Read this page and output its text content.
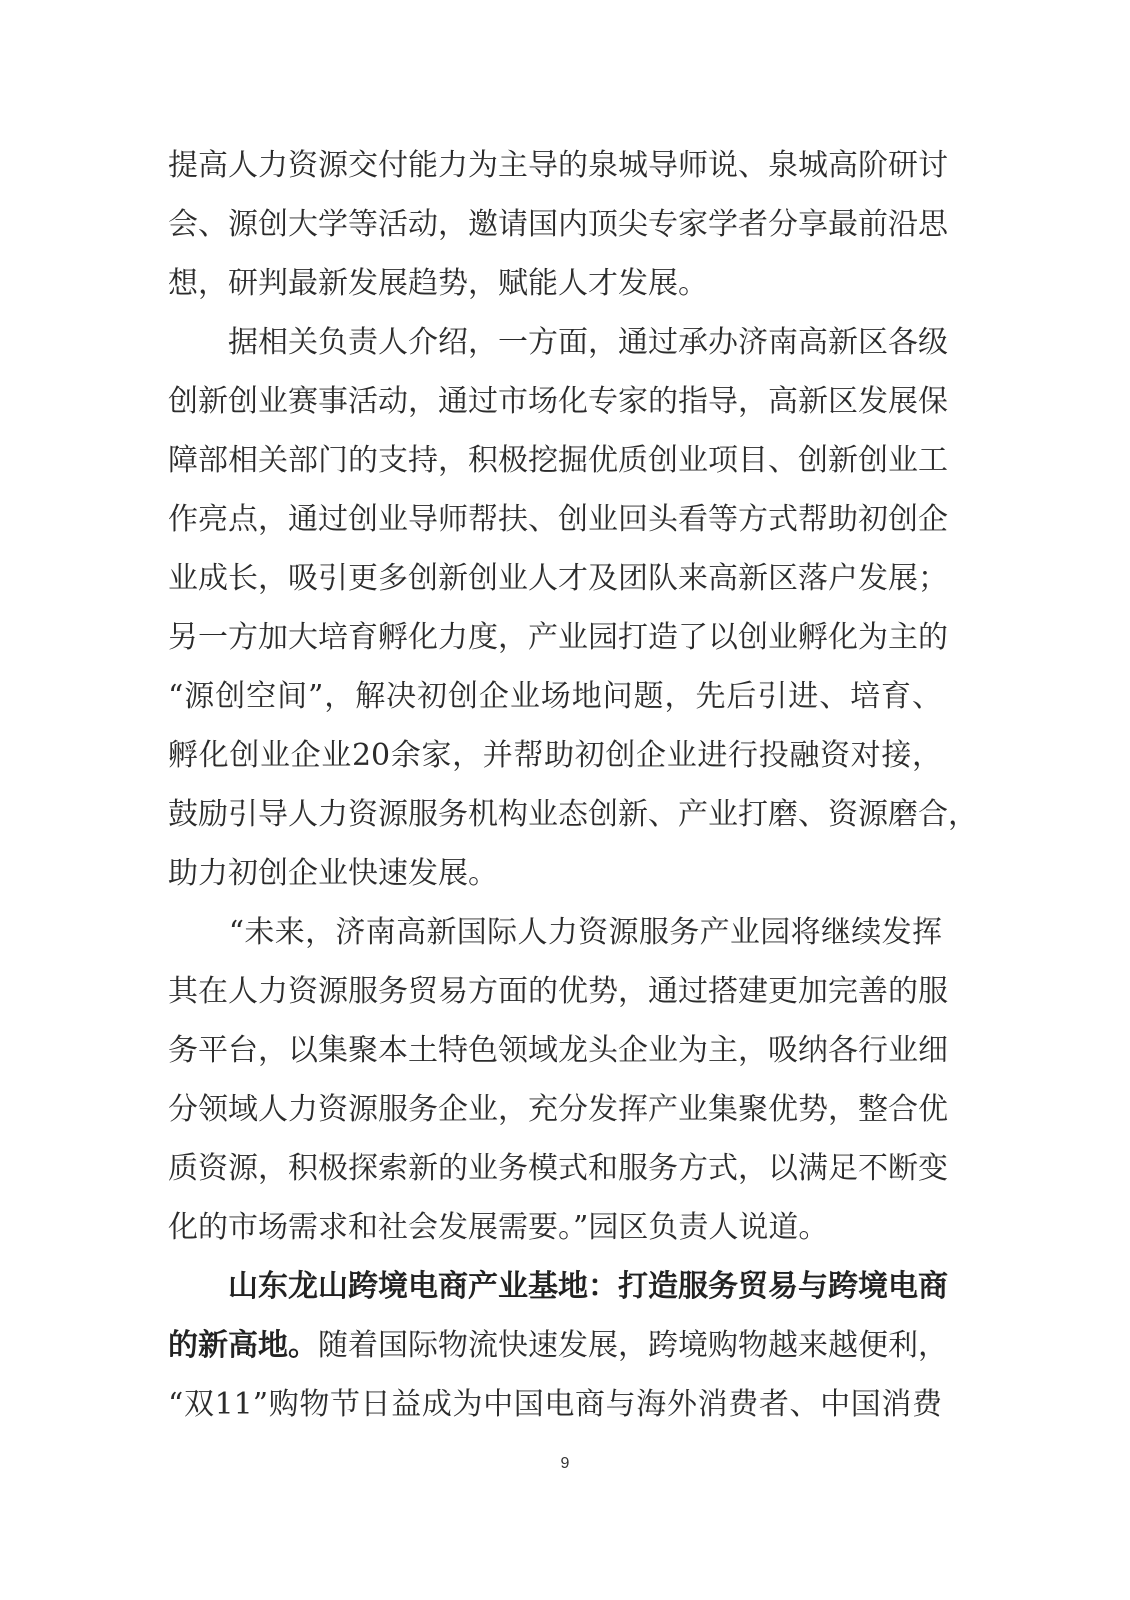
提高人力资源交付能力为主导的泉城导师说、泉城高阶研讨
会、源创大学等活动，邀请国内顶尖专家学者分享最前沿思
想，研判最新发展趋势，赋能人才发展。
　　据相关负责人介绍，一方面，通过承办济南高新区各级
创新创业赛事活动，通过市场化专家的指导，高新区发展保
障部相关部门的支持，积极挖掘优质创业项目、创新创业工
作亮点，通过创业导师帮扶、创业回头看等方式帮助初创企
业成长，吸引更多创新创业人才及团队来高新区落户发展；
另一方加大培育孵化力度，产业园打造了以创业孵化为主的
“源创空间”，解决初创企业场地问题，先后引进、培育、
孵化创业企业20余家，并帮助初创企业进行投融资对接，
鼓励引导人力资源服务机构业态创新、产业打磨、资源磨合，
助力初创企业快速发展。
　　“未来，济南高新国际人力资源服务产业园将继续发挥
其在人力资源服务贸易方面的优势，通过搭建更加完善的服
务平台，以集聚本土特色领域龙头企业为主，吸纳各行业细
分领域人力资源服务企业，充分发挥产业集聚优势，整合优
质资源，积极探索新的业务模式和服务方式，以满足不断变
化的市场需求和社会发展需要。”园区负责人说道。
　　山东龙山跨境电商产业基地：打造服务贸易与跨境电商
的新高地。随着国际物流快速发展，跨境购物越来越便利，
“双11”购物节日益成为中国电商与海外消费者、中国消费
9
